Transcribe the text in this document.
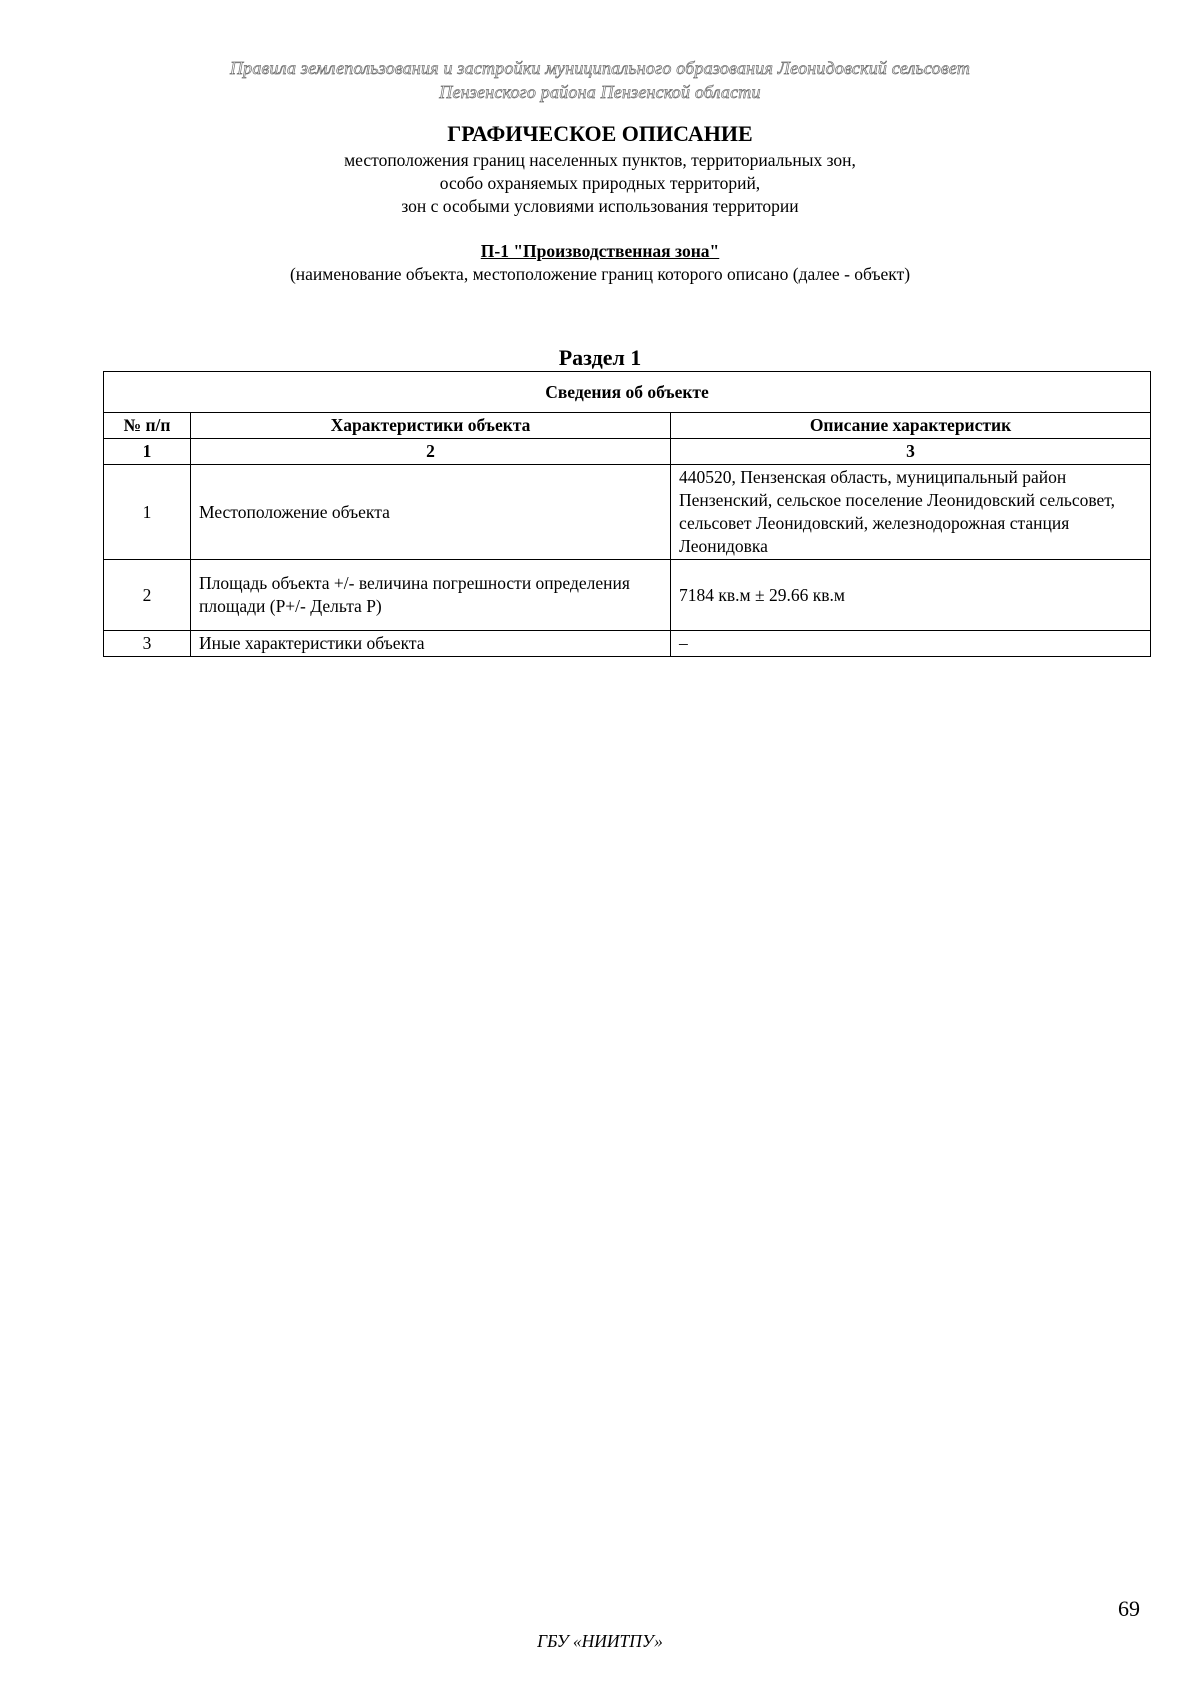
Правила землепользования и застройки муниципального образования Леонидовский сельсовет
Пензенского района Пензенской области
ГРАФИЧЕСКОЕ ОПИСАНИЕ
местоположения границ населенных пунктов, территориальных зон,
особо охраняемых природных территорий,
зон с особыми условиями использования территории
П-1 "Производственная зона"
(наименование объекта, местоположение границ которого описано (далее - объект)
Раздел 1
Сведения об объекте		
№ п/п	Характеристики объекта	Описание характеристик
1	2	3
1	Местоположение объекта	440520, Пензенская область, муниципальный район Пензенский, сельское поселение Леонидовский сельсовет, сельсовет Леонидовский, железнодорожная станция Леонидовка
2	Площадь объекта +/- величина погрешности определения площади (Р+/- Дельта Р)	7184 кв.м ± 29.66 кв.м
3	Иные характеристики объекта	–
69
ГБУ «НИИТПУ»
